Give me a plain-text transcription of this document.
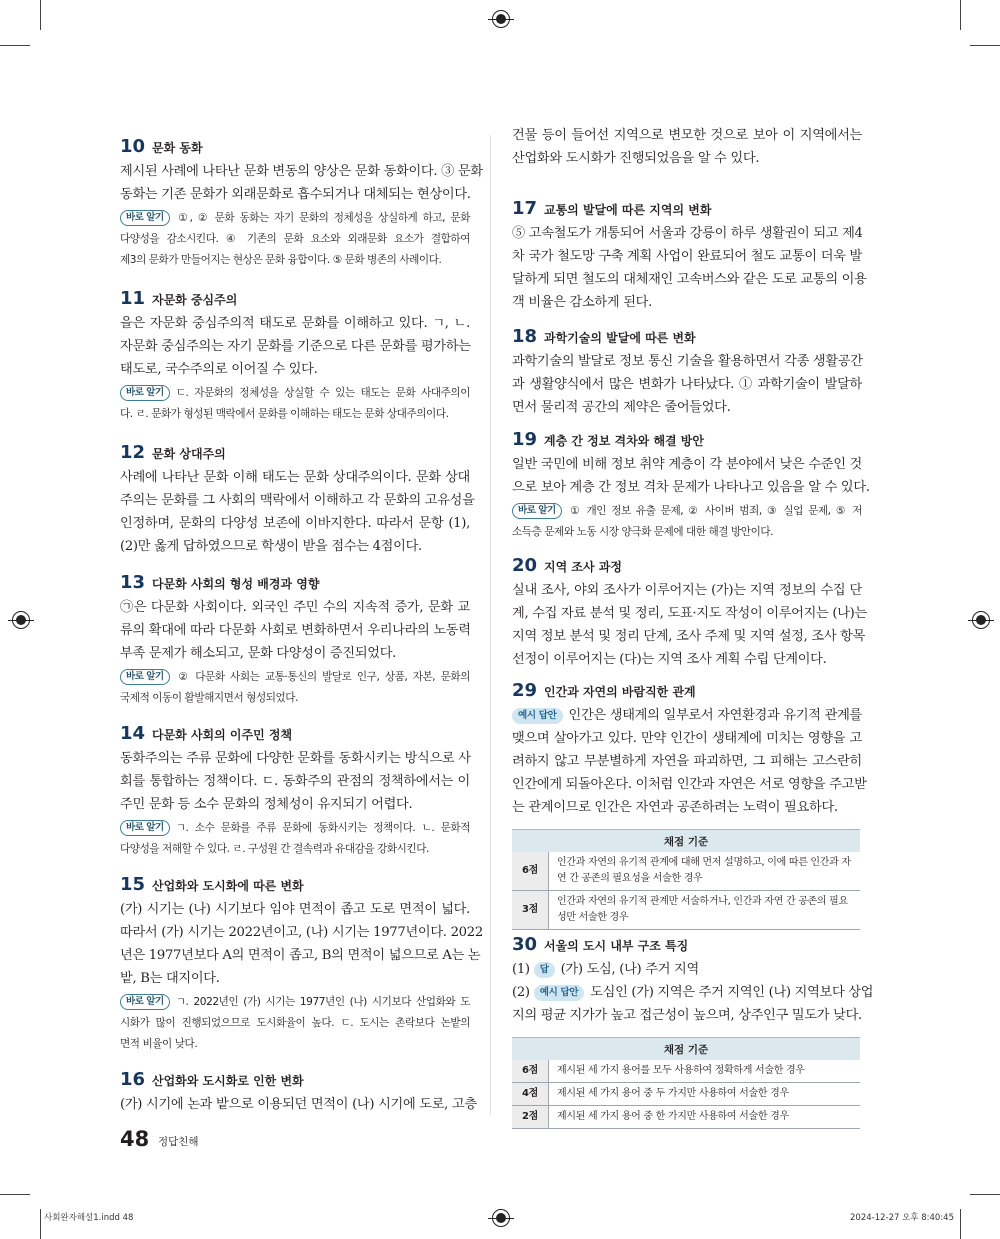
48 정답친해
사회완자해설1.indd 48	2024-12-27 오후 8:40:45
10 문화 동화
제시된 사례에 나타난 문화 변동의 양상은 문화 동화이다. ③ 문화
동화는 기존 문화가 외래문화로 흡수되거나 대체되는 현상이다.
바로 알기 ①, ② 문화 동화는 자기 문화의 정체성을 상실하게 하고, 문화
다양성을 감소시킨다. ④ 기존의 문화 요소와 외래문화 요소가 결합하여
제3의 문화가 만들어지는 현상은 문화 융합이다. ⑤ 문화 병존의 사례이다.
11 자문화 중심주의
을은 자문화 중심주의적 태도로 문화를 이해하고 있다. ㄱ, ㄴ.
자문화 중심주의는 자기 문화를 기준으로 다른 문화를 평가하는
태도로, 국수주의로 이어질 수 있다.
바로 알기 ㄷ. 자문화의 정체성을 상실할 수 있는 태도는 문화 사대주의이
다. ㄹ. 문화가 형성된 맥락에서 문화를 이해하는 태도는 문화 상대주의이다.
12 문화 상대주의
사례에 나타난 문화 이해 태도는 문화 상대주의이다. 문화 상대
주의는 문화를 그 사회의 맥락에서 이해하고 각 문화의 고유성을
인정하며, 문화의 다양성 보존에 이바지한다. 따라서 문항 (1),
(2)만 옳게 답하였으므로 학생이 받을 점수는 4점이다.
13 다문화 사회의 형성 배경과 영향
㉠은 다문화 사회이다. 외국인 주민 수의 지속적 증가, 문화 교
류의 확대에 따라 다문화 사회로 변화하면서 우리나라의 노동력
부족 문제가 해소되고, 문화 다양성이 증진되었다.
바로 알기 ② 다문화 사회는 교통·통신의 발달로 인구, 상품, 자본, 문화의
국제적 이동이 활발해지면서 형성되었다.
14 다문화 사회의 이주민 정책
동화주의는 주류 문화에 다양한 문화를 동화시키는 방식으로 사
회를 통합하는 정책이다. ㄷ. 동화주의 관점의 정책하에서는 이
주민 문화 등 소수 문화의 정체성이 유지되기 어렵다.
바로 알기 ㄱ. 소수 문화를 주류 문화에 동화시키는 정책이다. ㄴ. 문화적
다양성을 저해할 수 있다. ㄹ. 구성원 간 결속력과 유대감을 강화시킨다.
15 산업화와 도시화에 따른 변화
(가) 시기는 (나) 시기보다 임야 면적이 좁고 도로 면적이 넓다.
따라서 (가) 시기는 2022년이고, (나) 시기는 1977년이다. 2022
년은 1977년보다 A의 면적이 좁고, B의 면적이 넓으므로 A는 논
밭, B는 대지이다.
바로 알기 ㄱ. 2022년인 (가) 시기는 1977년인 (나) 시기보다 산업화와 도
시화가 많이 진행되었으므로 도시화율이 높다. ㄷ. 도시는 촌락보다 논밭의
면적 비율이 낮다.
16 산업화와 도시화로 인한 변화
(가) 시기에 논과 밭으로 이용되던 면적이 (나) 시기에 도로, 고층
건물 등이 들어선 지역으로 변모한 것으로 보아 이 지역에서는
산업화와 도시화가 진행되었음을 알 수 있다.
17 교통의 발달에 따른 지역의 변화
⑤ 고속철도가 개통되어 서울과 강릉이 하루 생활권이 되고 제4
차 국가 철도망 구축 계획 사업이 완료되어 철도 교통이 더욱 발
달하게 되면 철도의 대체재인 고속버스와 같은 도로 교통의 이용
객 비율은 감소하게 된다.
18 과학기술의 발달에 따른 변화
과학기술의 발달로 정보 통신 기술을 활용하면서 각종 생활공간
과 생활양식에서 많은 변화가 나타났다. ① 과학기술이 발달하
면서 물리적 공간의 제약은 줄어들었다.
19 계층 간 정보 격차와 해결 방안
일반 국민에 비해 정보 취약 계층이 각 분야에서 낮은 수준인 것
으로 보아 계층 간 정보 격차 문제가 나타나고 있음을 알 수 있다.
바로 알기 ① 개인 정보 유출 문제, ② 사이버 범죄, ③ 실업 문제, ⑤ 저
소득층 문제와 노동 시장 양극화 문제에 대한 해결 방안이다.
20 지역 조사 과정
실내 조사, 야외 조사가 이루어지는 (가)는 지역 정보의 수집 단
계, 수집 자료 분석 및 정리, 도표·지도 작성이 이루어지는 (나)는
지역 정보 분석 및 정리 단계, 조사 주제 및 지역 설정, 조사 항목
선정이 이루어지는 (다)는 지역 조사 계획 수립 단계이다.
29 인간과 자연의 바람직한 관계
예시 답안 인간은 생태계의 일부로서 자연환경과 유기적 관계를
맺으며 살아가고 있다. 만약 인간이 생태계에 미치는 영향을 고
려하지 않고 무분별하게 자연을 파괴하면, 그 피해는 고스란히
인간에게 되돌아온다. 이처럼 인간과 자연은 서로 영향을 주고받
는 관계이므로 인간은 자연과 공존하려는 노력이 필요하다.
채점 기준	
6점	인간과 자연의 유기적 관계에 대해 먼저 설명하고, 이에 따른 인간과 자연 간 공존의 필요성을 서술한 경우
3점	인간과 자연의 유기적 관계만 서술하거나, 인간과 자연 간 공존의 필요성만 서술한 경우
30 서울의 도시 내부 구조 특징
(1) 답 (가) 도심, (나) 주거 지역
(2) 예시 답안 도심인 (가) 지역은 주거 지역인 (나) 지역보다 상업
지의 평균 지가가 높고 접근성이 높으며, 상주인구 밀도가 낮다.
채점 기준	
6점	제시된 세 가지 용어를 모두 사용하여 정확하게 서술한 경우
4점	제시된 세 가지 용어 중 두 가지만 사용하여 서술한 경우
2점	제시된 세 가지 용어 중 한 가지만 사용하여 서술한 경우
